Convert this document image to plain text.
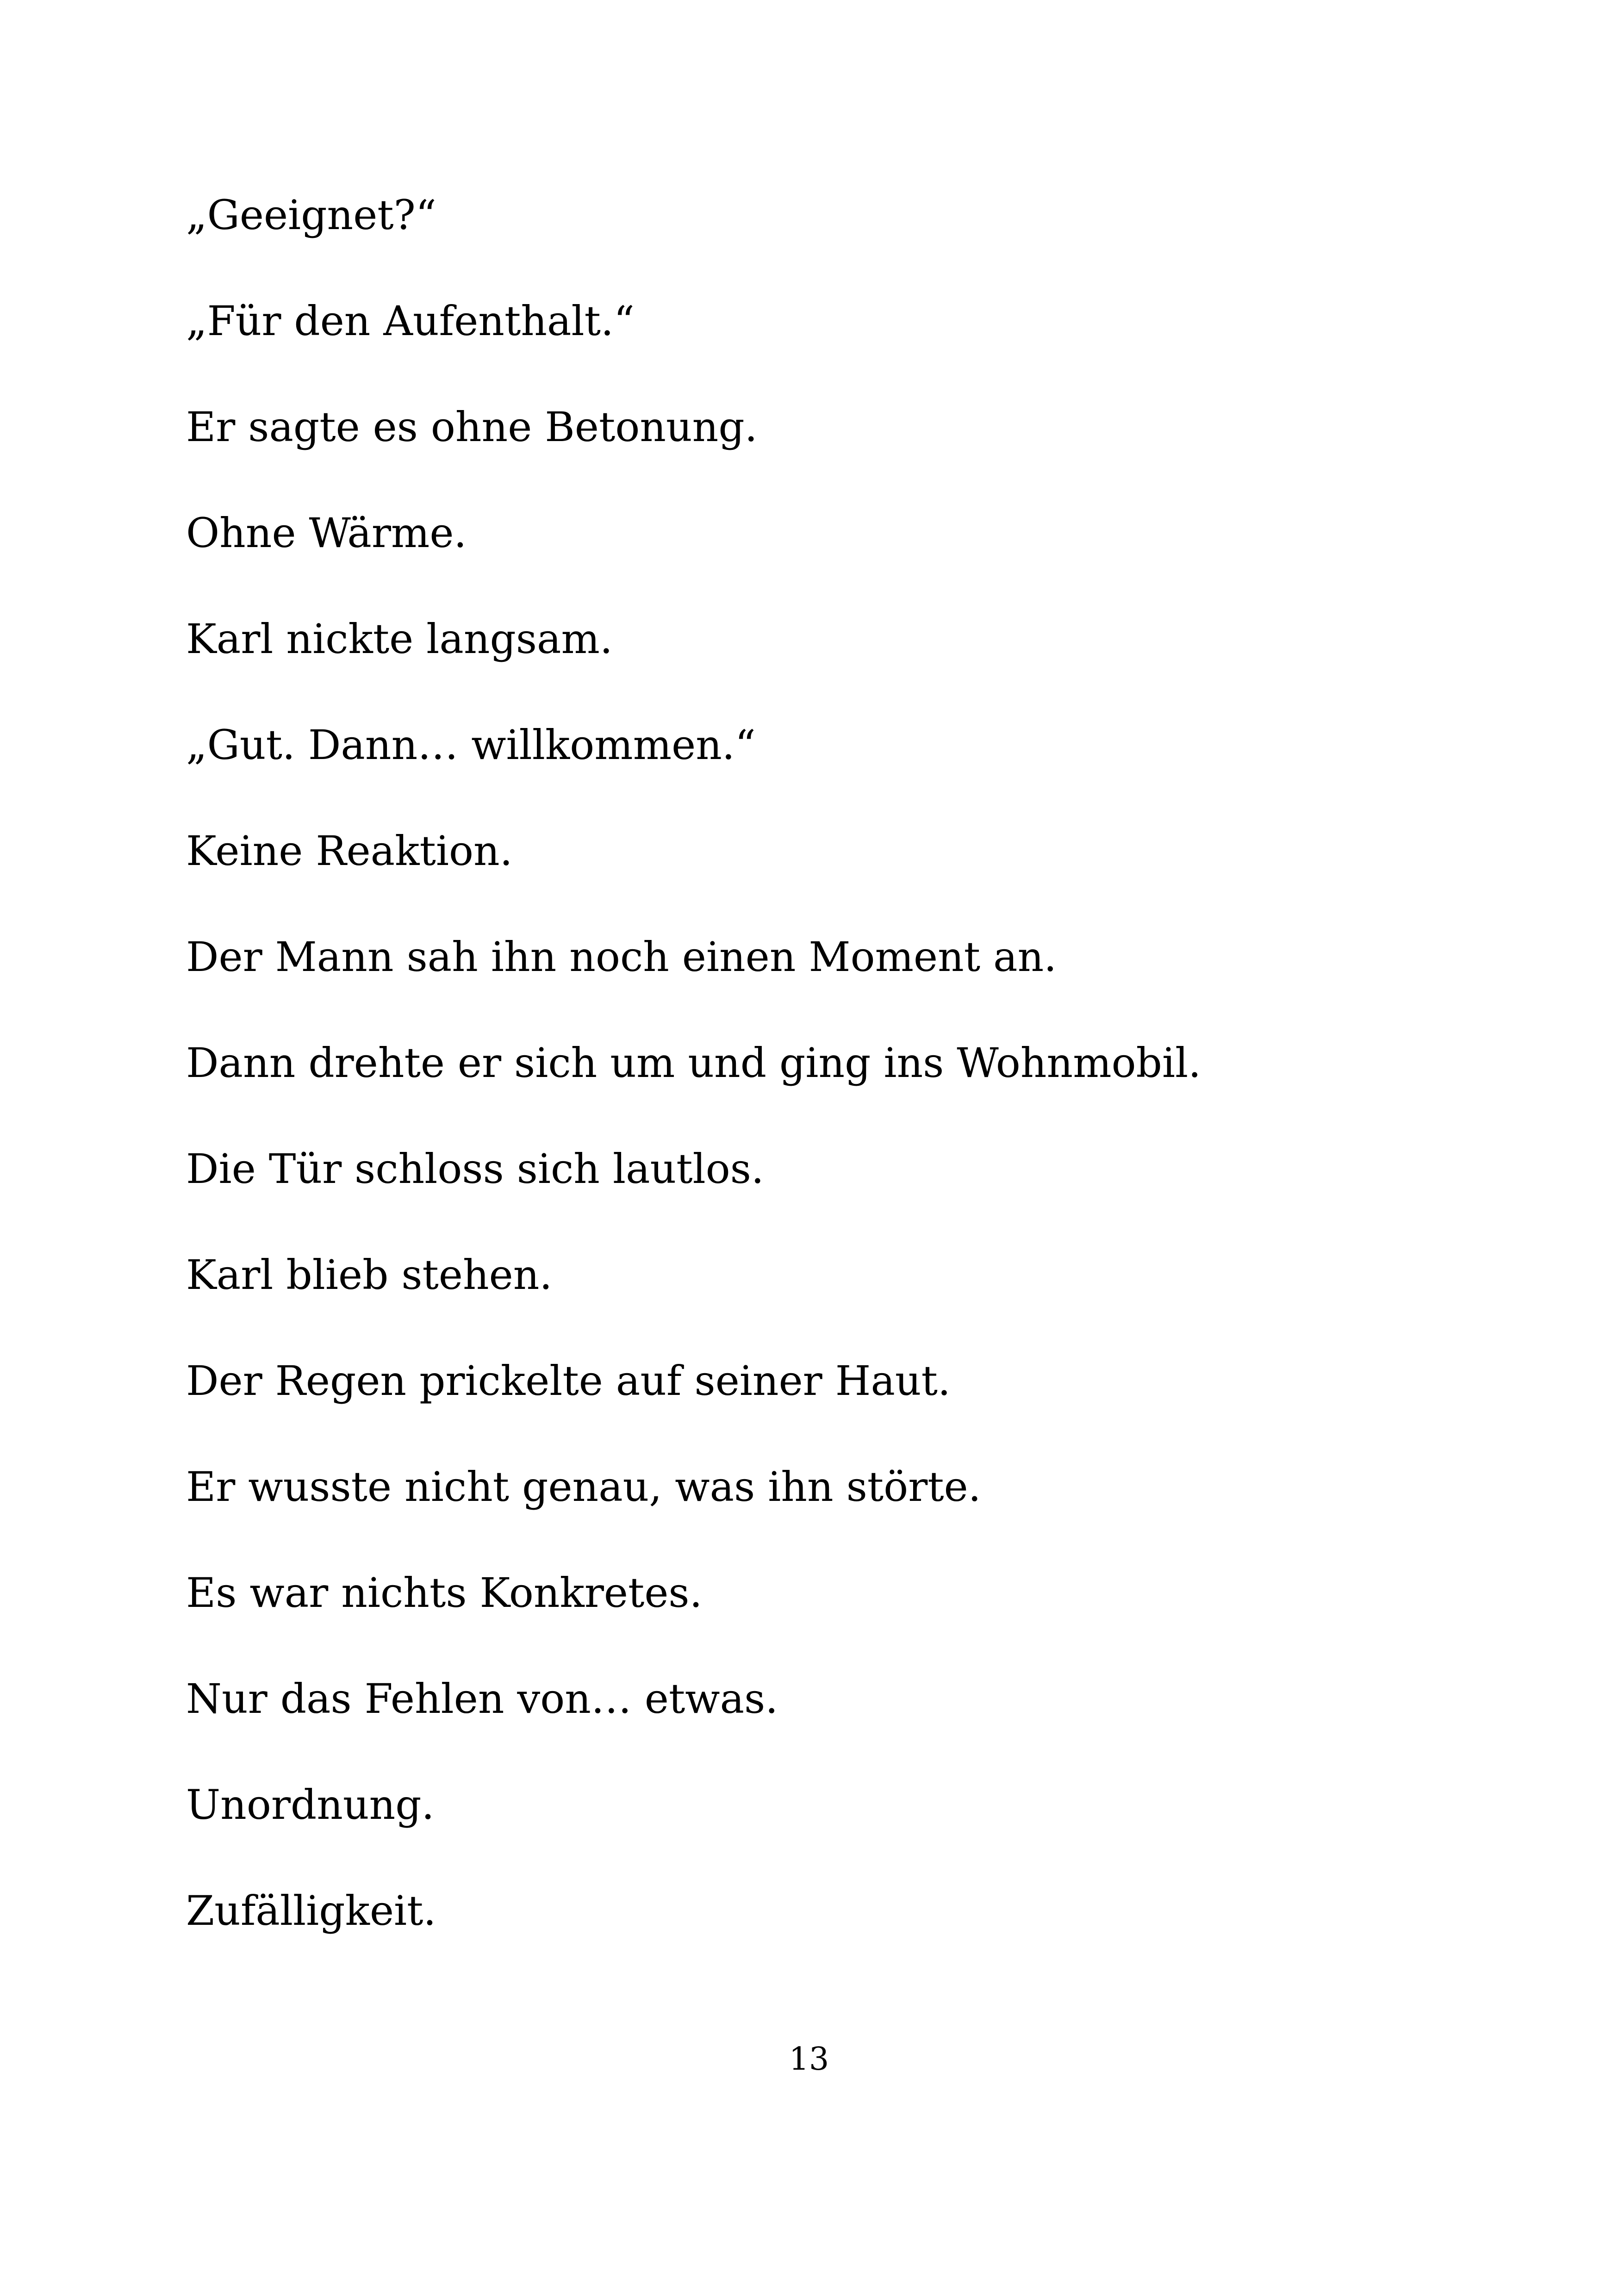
„Geeignet?“

„Für den Aufenthalt.“

Er sagte es ohne Betonung.

Ohne Wärme.

Karl nickte langsam.

„Gut. Dann… willkommen.“

Keine Reaktion.

Der Mann sah ihn noch einen Moment an.

Dann drehte er sich um und ging ins Wohnmobil.

Die Tür schloss sich lautlos.

Karl blieb stehen.

Der Regen prickelte auf seiner Haut.

Er wusste nicht genau, was ihn störte.

Es war nichts Konkretes.

Nur das Fehlen von… etwas.

Unordnung.

Zufälligkeit.

13
